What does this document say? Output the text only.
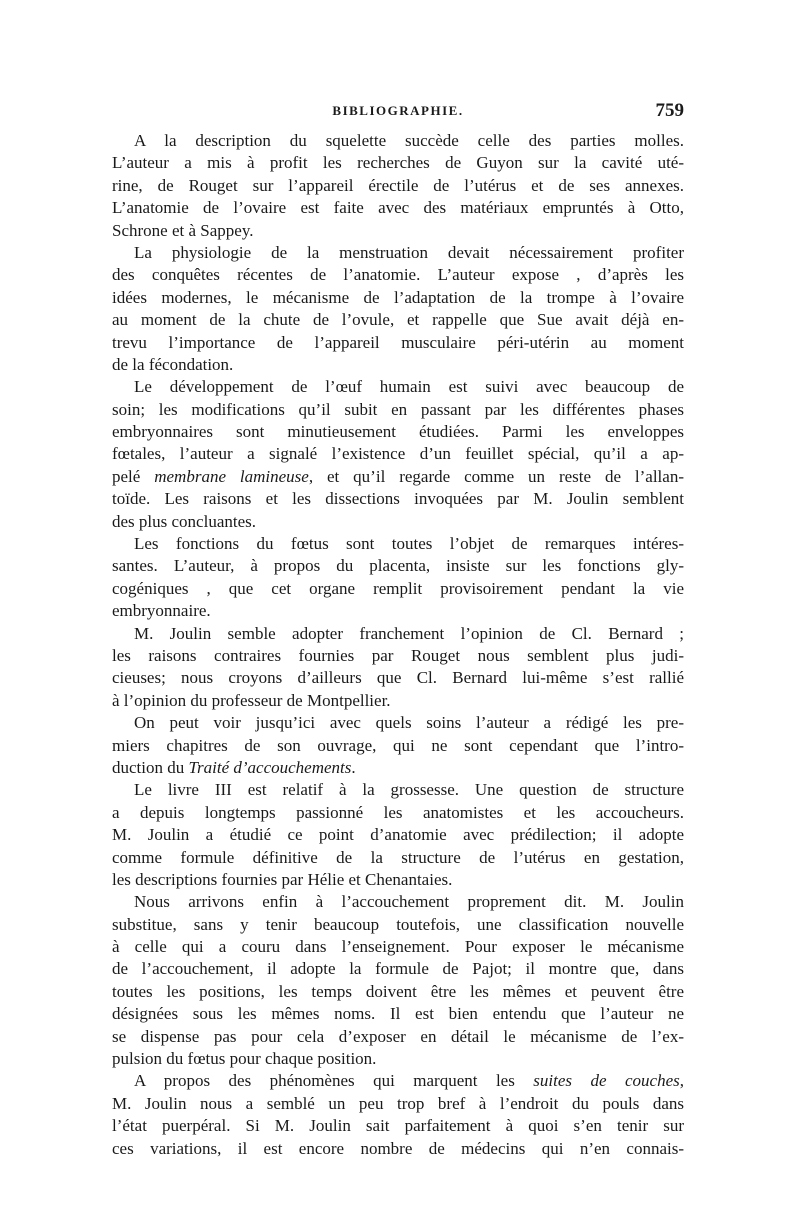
BIBLIOGRAPHIE.	759
A la description du squelette succède celle des parties molles.
L’auteur a mis à profit les recherches de Guyon sur la cavité uté-
rine, de Rouget sur l’appareil érectile de l’utérus et de ses annexes.
L’anatomie de l’ovaire est faite avec des matériaux empruntés à Otto,
Schrone et à Sappey.
La physiologie de la menstruation devait nécessairement profiter
des conquêtes récentes de l’anatomie. L’auteur expose , d’après les
idées modernes, le mécanisme de l’adaptation de la trompe à l’ovaire
au moment de la chute de l’ovule, et rappelle que Sue avait déjà en-
trevu l’importance de l’appareil musculaire péri-utérin au moment
de la fécondation.
Le développement de l’œuf humain est suivi avec beaucoup de
soin; les modifications qu’il subit en passant par les différentes phases
embryonnaires sont minutieusement étudiées. Parmi les enveloppes
fœtales, l’auteur a signalé l’existence d’un feuillet spécial, qu’il a ap-
pelé membrane lamineuse, et qu’il regarde comme un reste de l’allan-
toïde. Les raisons et les dissections invoquées par M. Joulin semblent
des plus concluantes.
Les fonctions du fœtus sont toutes l’objet de remarques intéres-
santes. L’auteur, à propos du placenta, insiste sur les fonctions gly-
cogéniques , que cet organe remplit provisoirement pendant la vie
embryonnaire.
M. Joulin semble adopter franchement l’opinion de Cl. Bernard ;
les raisons contraires fournies par Rouget nous semblent plus judi-
cieuses; nous croyons d’ailleurs que Cl. Bernard lui-même s’est rallié
à l’opinion du professeur de Montpellier.
On peut voir jusqu’ici avec quels soins l’auteur a rédigé les pre-
miers chapitres de son ouvrage, qui ne sont cependant que l’intro-
duction du Traité d’accouchements.
Le livre III est relatif à la grossesse. Une question de structure
a depuis longtemps passionné les anatomistes et les accoucheurs.
M. Joulin a étudié ce point d’anatomie avec prédilection; il adopte
comme formule définitive de la structure de l’utérus en gestation,
les descriptions fournies par Hélie et Chenantaies.
Nous arrivons enfin à l’accouchement proprement dit. M. Joulin
substitue, sans y tenir beaucoup toutefois, une classification nouvelle
à celle qui a couru dans l’enseignement. Pour exposer le mécanisme
de l’accouchement, il adopte la formule de Pajot; il montre que, dans
toutes les positions, les temps doivent être les mêmes et peuvent être
désignées sous les mêmes noms. Il est bien entendu que l’auteur ne
se dispense pas pour cela d’exposer en détail le mécanisme de l’ex-
pulsion du fœtus pour chaque position.
A propos des phénomènes qui marquent les suites de couches,
M. Joulin nous a semblé un peu trop bref à l’endroit du pouls dans
l’état puerpéral. Si M. Joulin sait parfaitement à quoi s’en tenir sur
ces variations, il est encore nombre de médecins qui n’en connais-
